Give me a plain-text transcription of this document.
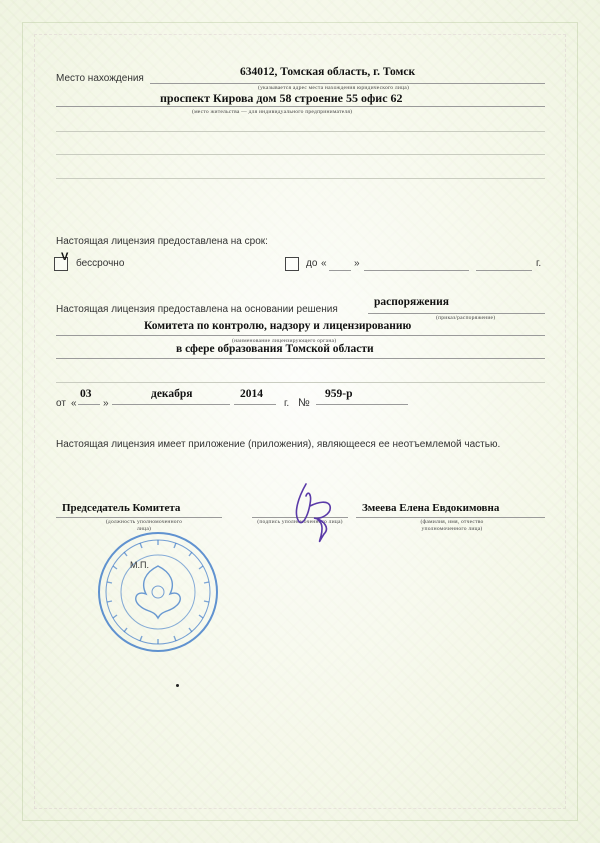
Место нахождения
634012, Томская область, г. Томск
(указывается адрес места нахождения юридического лица)
проспект Кирова дом 58 строение 55 офис 62
(место жительства — для индивидуального предпринимателя)
Настоящая лицензия предоставлена на срок:
V
бессрочно	до «	»	г.
Настоящая лицензия предоставлена на основании решения
распоряжения
(приказ/распоряжение)
Комитета по контролю, надзору и лицензированию
(наименование лицензирующего органа)
в сфере образования Томской области
от «
03
»
декабря	2014
г. №
959-р
Настоящая лицензия имеет приложение (приложения), являющееся ее неотъемлемой частью.
Председатель Комитета
(должность уполномоченного лица)
(подпись уполномоченного лица)
Змеева Елена Евдокимовна
(фамилия, имя, отчество уполномоченного лица)
М.П.
